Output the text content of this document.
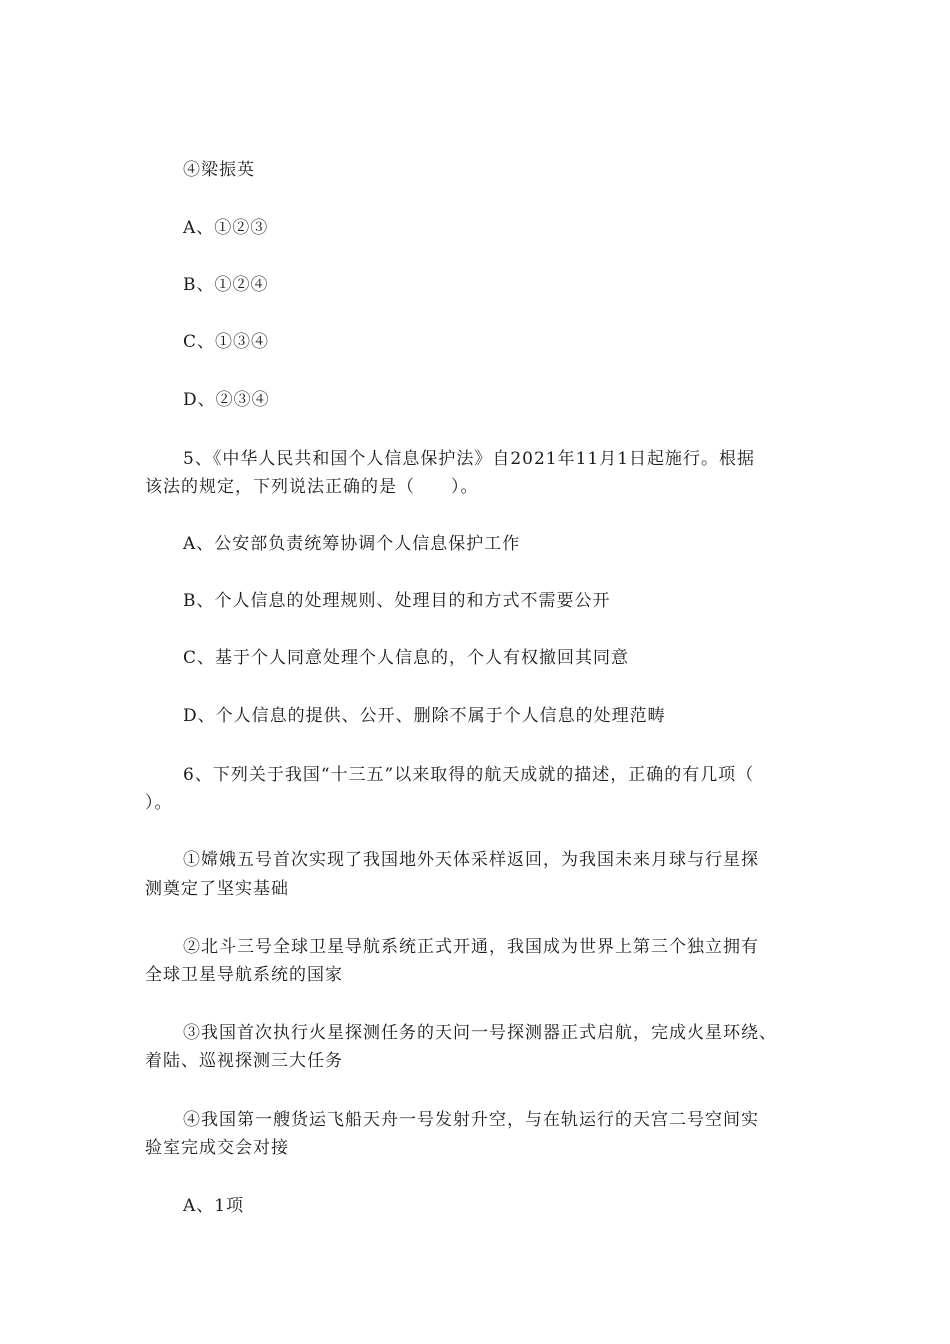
④梁振英
A、①②③
B、①②④
C、①③④
D、②③④
5、《中华人民共和国个人信息保护法》自2021年11月1日起施行。根据
该法的规定，下列说法正确的是（　　）。
A、公安部负责统筹协调个人信息保护工作
B、个人信息的处理规则、处理目的和方式不需要公开
C、基于个人同意处理个人信息的，个人有权撤回其同意
D、个人信息的提供、公开、删除不属于个人信息的处理范畴
6、下列关于我国“十三五”以来取得的航天成就的描述，正确的有几项（
）。
①嫦娥五号首次实现了我国地外天体采样返回，为我国未来月球与行星探
测奠定了坚实基础
②北斗三号全球卫星导航系统正式开通，我国成为世界上第三个独立拥有
全球卫星导航系统的国家
③我国首次执行火星探测任务的天问一号探测器正式启航，完成火星环绕、
着陆、巡视探测三大任务
④我国第一艘货运飞船天舟一号发射升空，与在轨运行的天宫二号空间实
验室完成交会对接
A、1项
